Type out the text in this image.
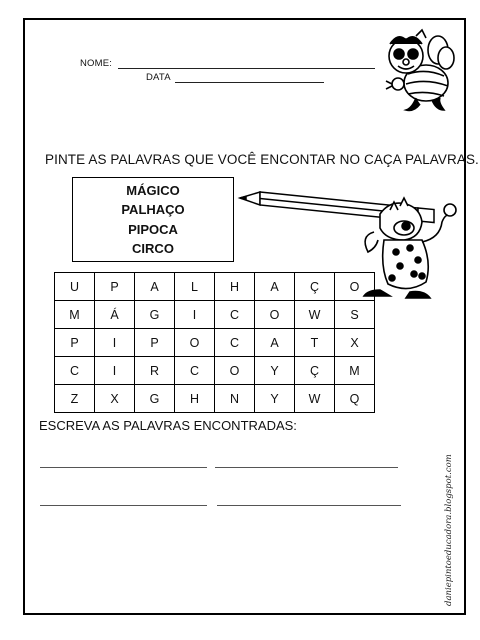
NOME:
DATA
PINTE AS PALAVRAS QUE VOCÊ ENCONTAR NO CAÇA PALAVRAS.
MÁGICO
PALHAÇO
PIPOCA
CIRCO
U	P	A	L	H	A	Ç	O
M	Á	G	I	C	O	W	S
P	I	P	O	C	A	T	X
C	I	R	C	O	Y	Ç	M
Z	X	G	H	N	Y	W	Q
ESCREVA AS PALAVRAS ENCONTRADAS:
daniepintoeducadora.blogspot.com
